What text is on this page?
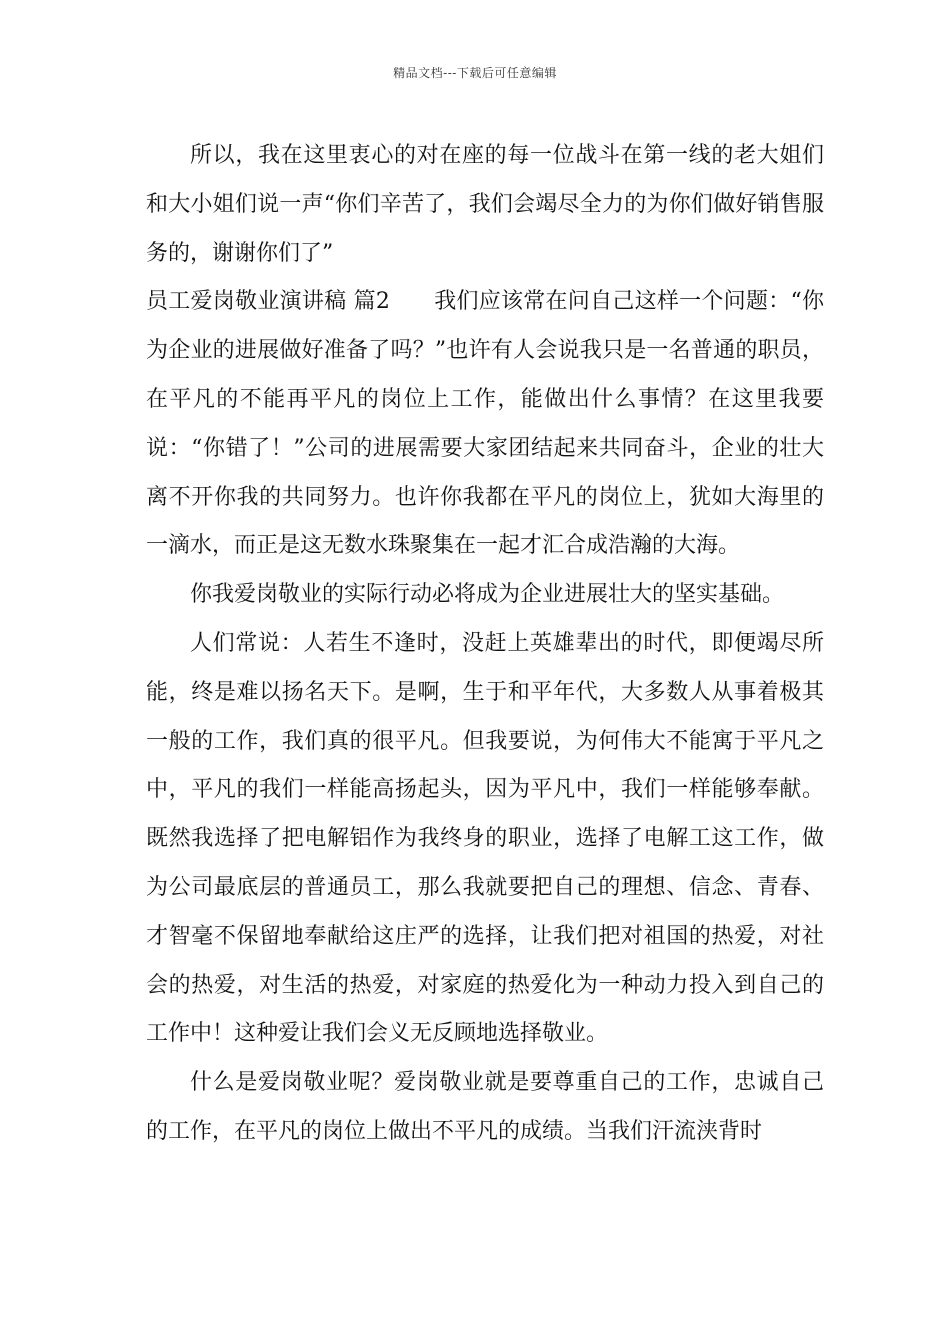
精品文档---下载后可任意编辑

所以，我在这里衷心的对在座的每一位战斗在第一线的老大姐们和大小姐们说一声“你们辛苦了，我们会竭尽全力的为你们做好销售服务的，谢谢你们了”

员工爱岗敬业演讲稿 篇2 我们应该常在问自己这样一个问题：“你为企业的进展做好准备了吗？”也许有人会说我只是一名普通的职员，在平凡的不能再平凡的岗位上工作，能做出什么事情？在这里我要说：“你错了！”公司的进展需要大家团结起来共同奋斗，企业的壮大离不开你我的共同努力。也许你我都在平凡的岗位上，犹如大海里的一滴水，而正是这无数水珠聚集在一起才汇合成浩瀚的大海。

你我爱岗敬业的实际行动必将成为企业进展壮大的坚实基础。

人们常说：人若生不逢时，没赶上英雄辈出的时代，即便竭尽所能，终是难以扬名天下。是啊，生于和平年代，大多数人从事着极其一般的工作，我们真的很平凡。但我要说，为何伟大不能寓于平凡之中，平凡的我们一样能高扬起头，因为平凡中，我们一样能够奉献。既然我选择了把电解铝作为我终身的职业，选择了电解工这工作，做为公司最底层的普通员工，那么我就要把自己的理想、信念、青春、才智毫不保留地奉献给这庄严的选择，让我们把对祖国的热爱，对社会的热爱，对生活的热爱，对家庭的热爱化为一种动力投入到自己的工作中！这种爱让我们会义无反顾地选择敬业。

什么是爱岗敬业呢？爱岗敬业就是要尊重自己的工作，忠诚自己的工作，在平凡的岗位上做出不平凡的成绩。当我们汗流浃背时
